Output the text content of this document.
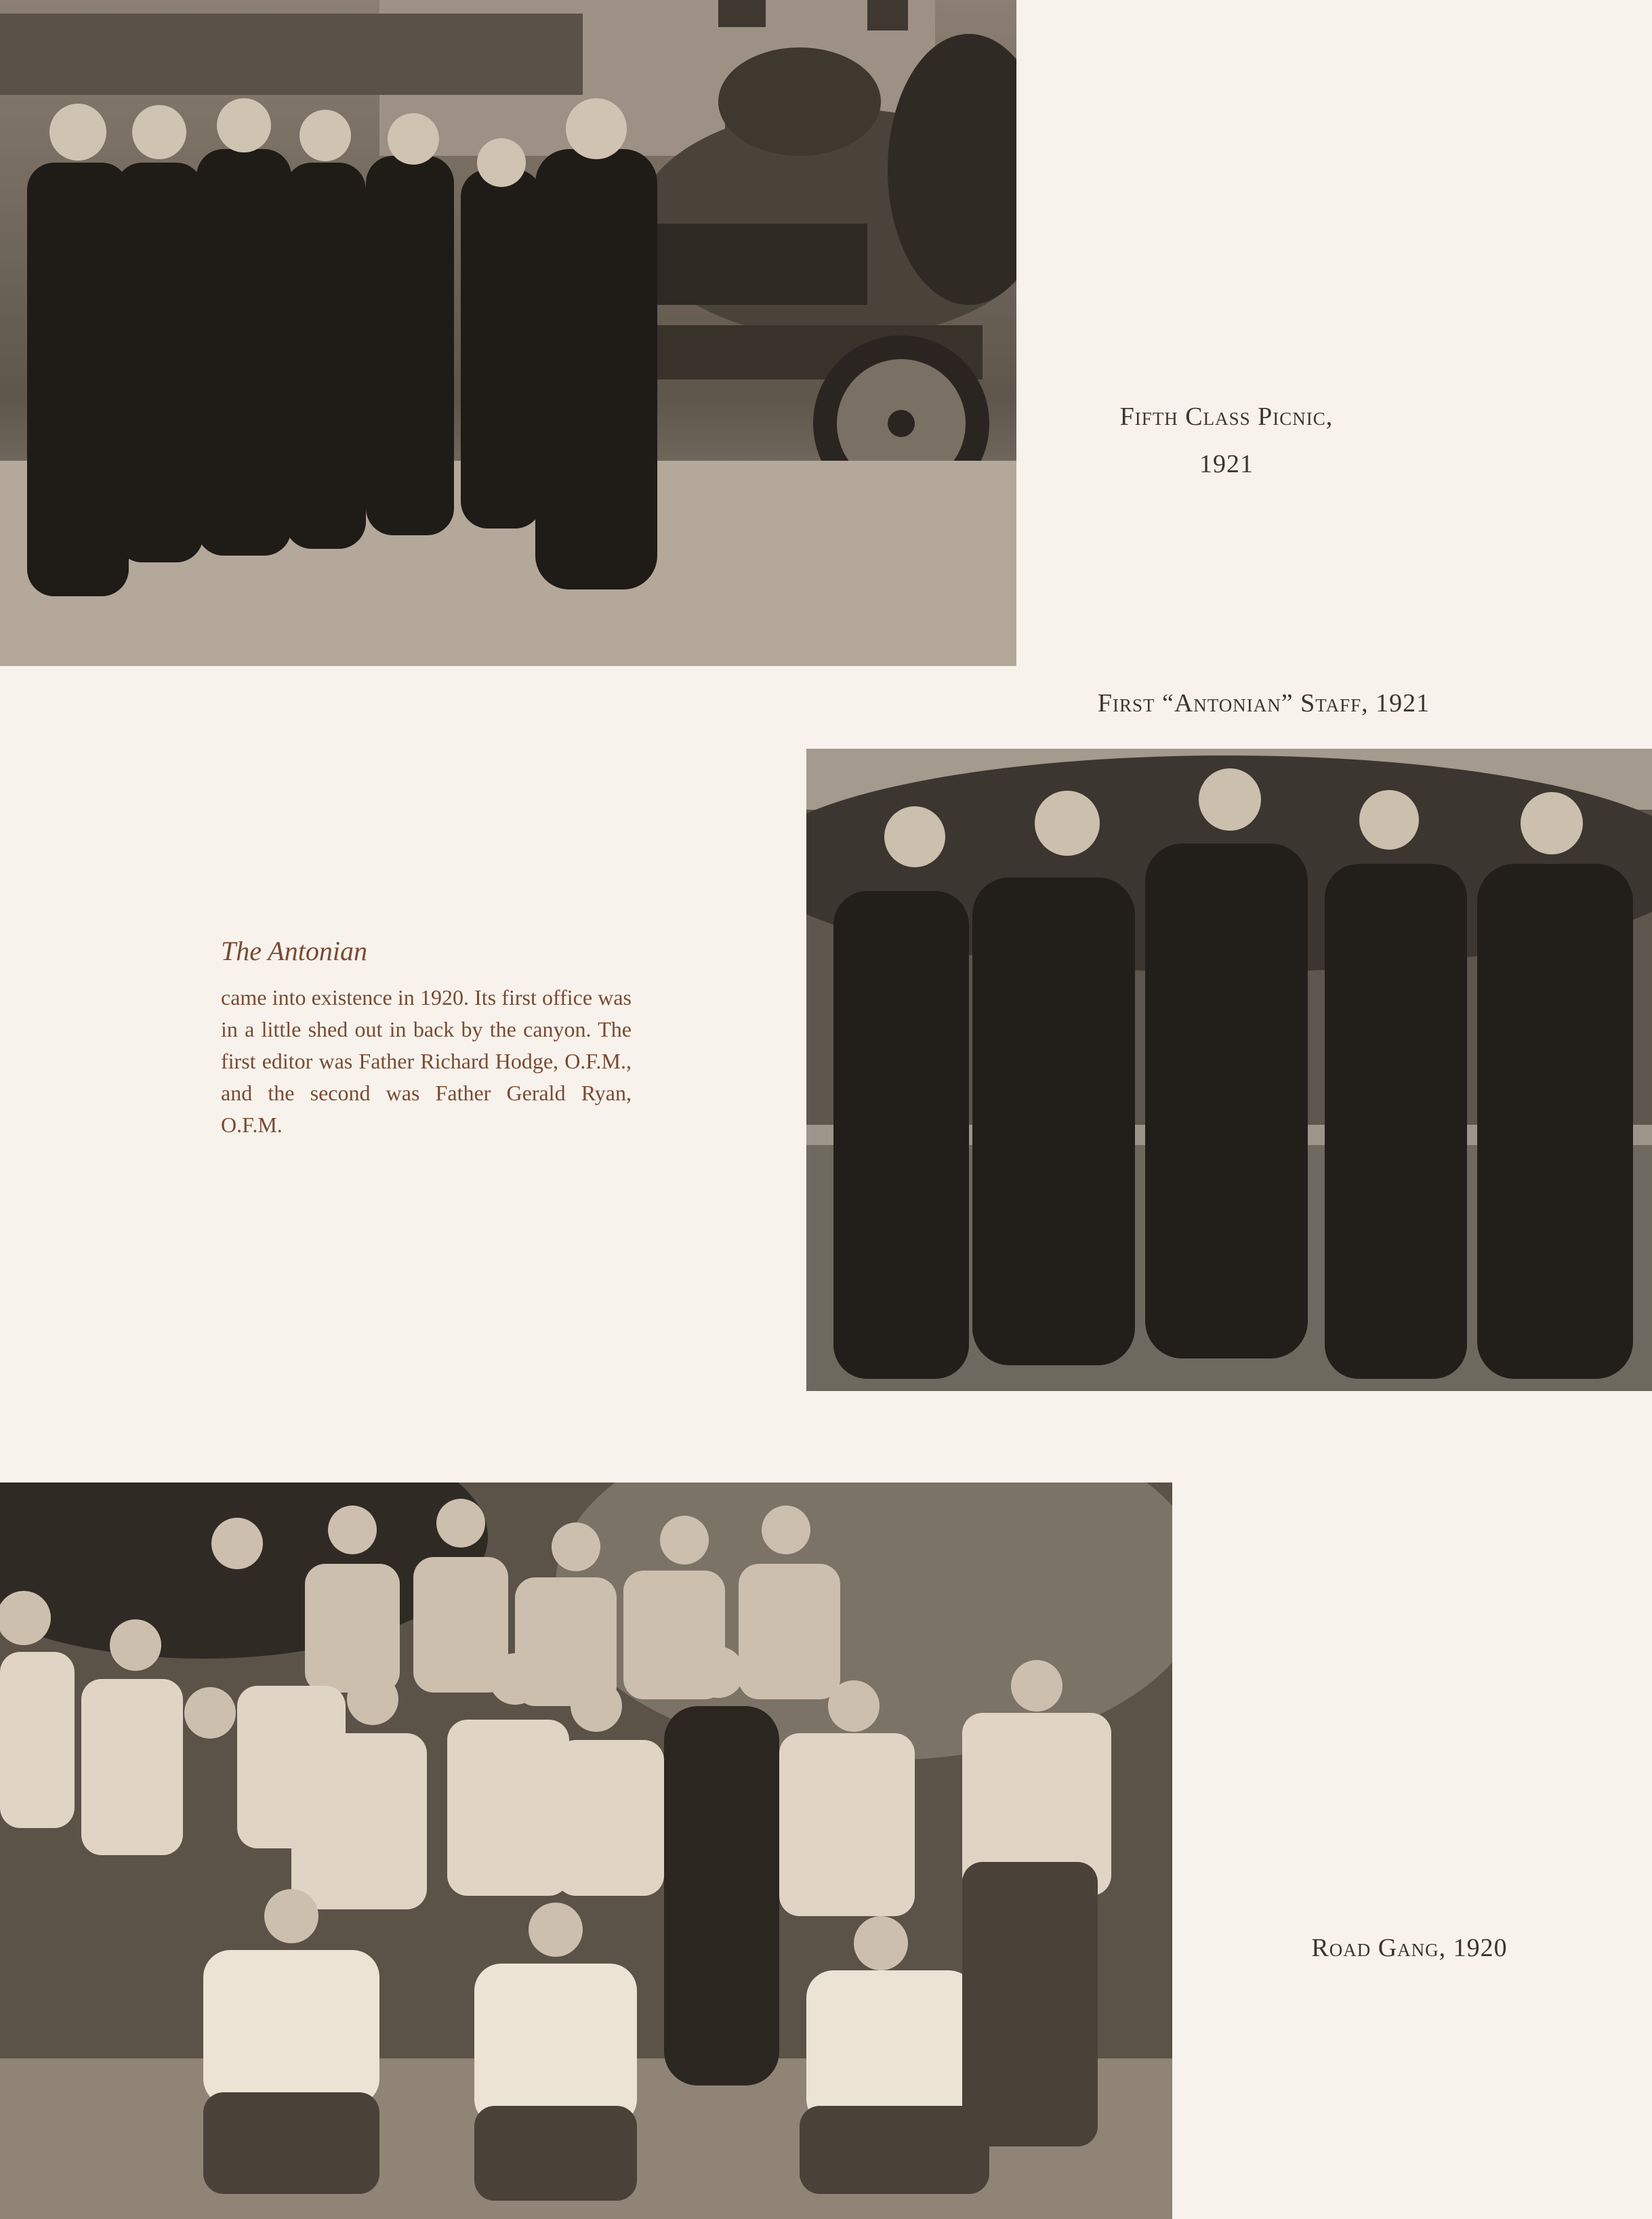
Fifth Class Picnic,
1921
First “Antonian” Staff, 1921
The Antonian

came into existence in 1920. Its first office was in a little shed out in back by the canyon. The first editor was Father Richard Hodge, O.F.M., and the second was Father Gerald Ryan, O.F.M.

Road Gang, 1920
